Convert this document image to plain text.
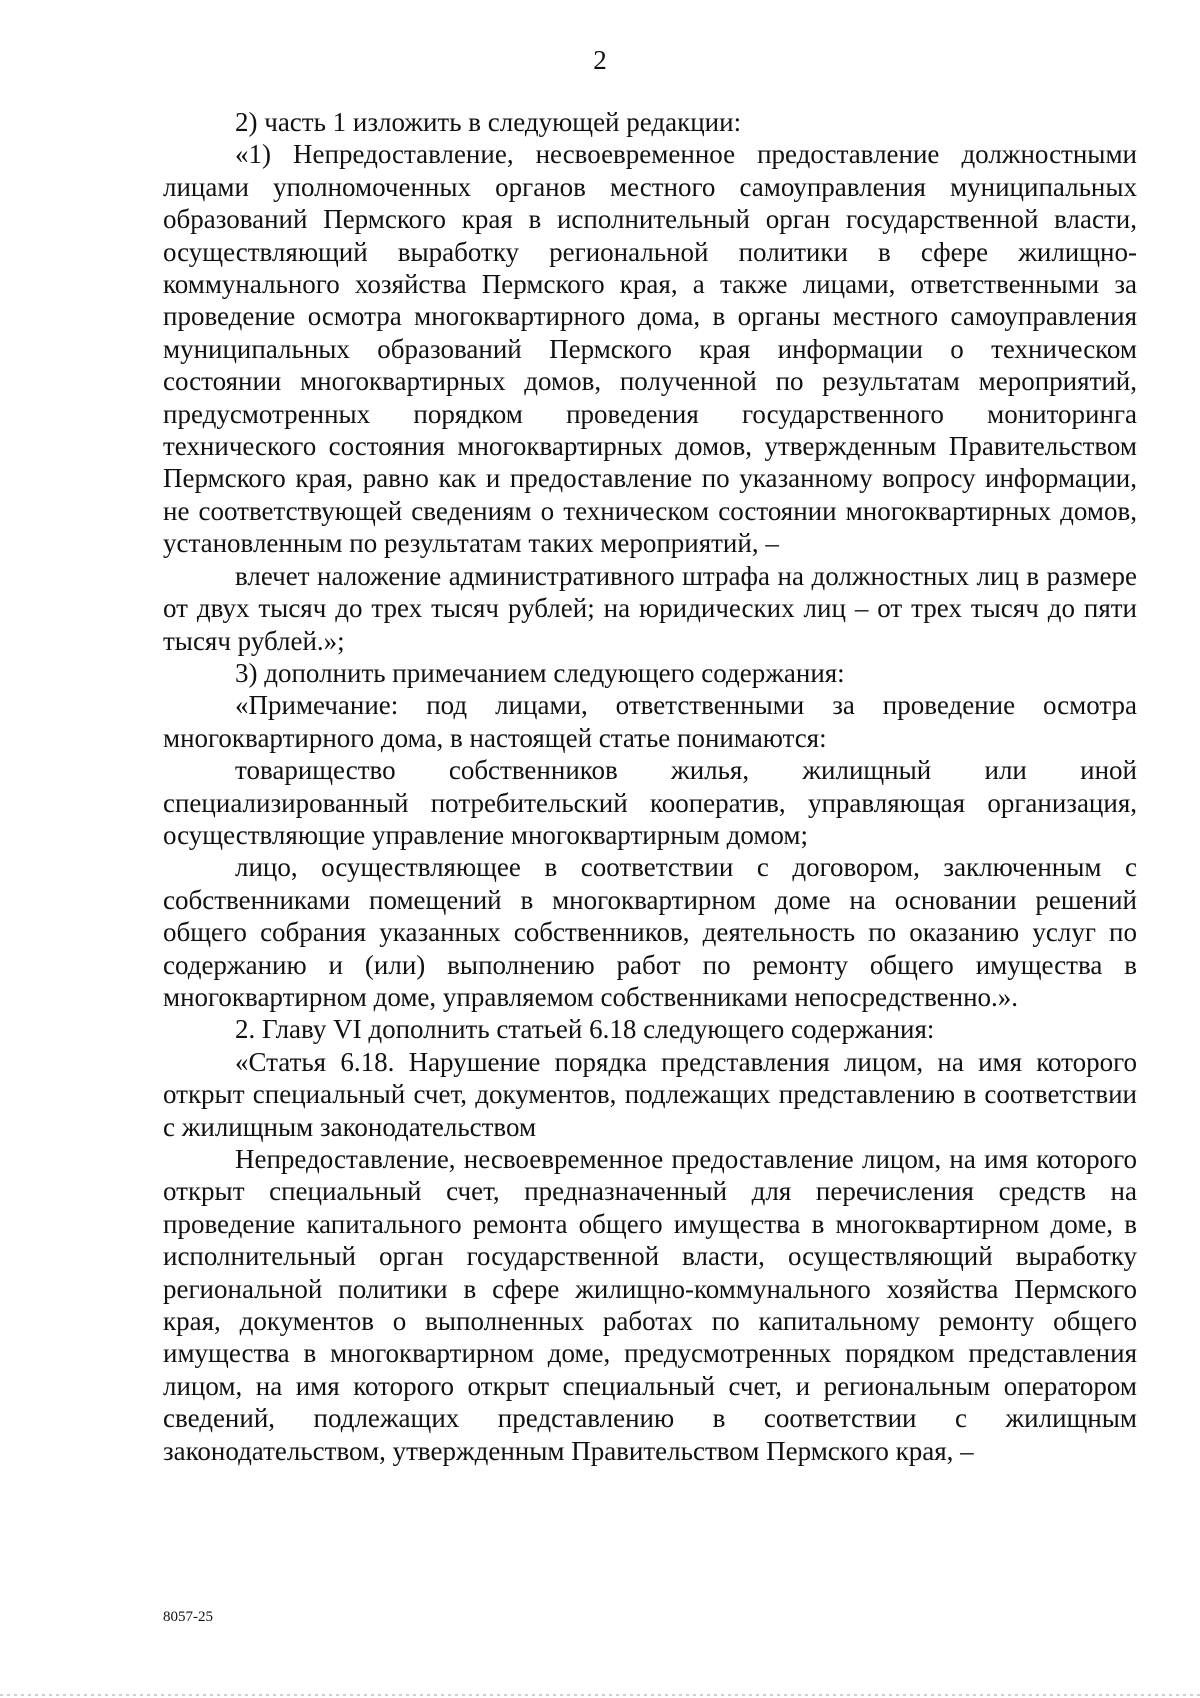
2

2) часть 1 изложить в следующей редакции:

«1) Непредоставление, несвоевременное предоставление должностными лицами уполномоченных органов местного самоуправления муниципальных образований Пермского края в исполнительный орган государственной власти, осуществляющий выработку региональной политики в сфере жилищно-коммунального хозяйства Пермского края, а также лицами, ответственными за проведение осмотра многоквартирного дома, в органы местного самоуправления муниципальных образований Пермского края информации о техническом состоянии многоквартирных домов, полученной по результатам мероприятий, предусмотренных порядком проведения государственного мониторинга технического состояния многоквартирных домов, утвержденным Правительством Пермского края, равно как и предоставление по указанному вопросу информации, не соответствующей сведениям о техническом состоянии многоквартирных домов, установленным по результатам таких мероприятий, –

влечет наложение административного штрафа на должностных лиц в размере от двух тысяч до трех тысяч рублей; на юридических лиц – от трех тысяч до пяти тысяч рублей.»;

3) дополнить примечанием следующего содержания:

«Примечание: под лицами, ответственными за проведение осмотра многоквартирного дома, в настоящей статье понимаются:

товарищество собственников жилья, жилищный или иной специализированный потребительский кооператив, управляющая организация, осуществляющие управление многоквартирным домом;

лицо, осуществляющее в соответствии с договором, заключенным с собственниками помещений в многоквартирном доме на основании решений общего собрания указанных собственников, деятельность по оказанию услуг по содержанию и (или) выполнению работ по ремонту общего имущества в многоквартирном доме, управляемом собственниками непосредственно.».

2. Главу VI дополнить статьей 6.18 следующего содержания:

«Статья 6.18. Нарушение порядка представления лицом, на имя которого открыт специальный счет, документов, подлежащих представлению в соответствии с жилищным законодательством

Непредоставление, несвоевременное предоставление лицом, на имя которого открыт специальный счет, предназначенный для перечисления средств на проведение капитального ремонта общего имущества в многоквартирном доме, в исполнительный орган государственной власти, осуществляющий выработку региональной политики в сфере жилищно-коммунального хозяйства Пермского края, документов о выполненных работах по капитальному ремонту общего имущества в многоквартирном доме, предусмотренных порядком представления лицом, на имя которого открыт специальный счет, и региональным оператором сведений, подлежащих представлению в соответствии с жилищным законодательством, утвержденным Правительством Пермского края, –

8057-25
